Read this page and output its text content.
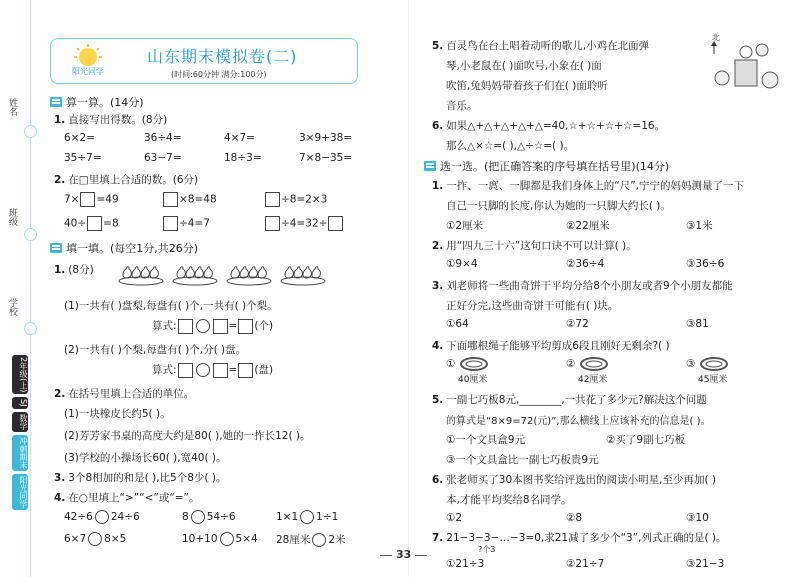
姓名
班级
学校
2年级(上)
SJ
数学
冲刺期末
阳光同学
阳光同学
山东期末模拟卷(二)
(时间:60分钟 满分:100分)
算一算。(14分)
1. 直接写出得数。(8分)
6×2=	36÷4=	4×7=	3×9+38=
35÷7=	63−7=	18÷3=	7×8−35=
2. 在□里填上合适的数。(6分)
7× =49	×8=48	÷8=2×3
40÷ =8	÷4=7	÷4=32÷
填一填。(每空1分,共26分)
1. (8分)
(1)一共有( )盘梨,每盘有( )个,一共有( )个梨。
算式:	= (个)
(2)一共有( )个梨,每盘有( )个,分( )盘。
算式:	= (盘)
2. 在括号里填上合适的单位。
(1)一块橡皮长约5( )。
(2)芳芳家书桌的高度大约是80( ),她的一拃长12( )。
(3)学校的小操场长60( ),宽40( )。
3. 3个8相加的和是( ),比5个8少( )。
4. 在○里填上“>”“<”或“=”。
42÷6 24÷6	8 54÷6	1×1 1÷1
6×7 8×5	10+10 5×4 28厘米 2米
5. 百灵鸟在台上唱着动听的歌儿,小鸡在北面弹
琴,小老鼠在( )面吹号,小象在( )面
吹笛,兔妈妈带着孩子们在( )面聆听
音乐。
北
6. 如果△+△+△+△+△=40,☆+☆+☆+☆=16。
那么△×☆=( ),△÷☆=( )。
选一选。(把正确答案的序号填在括号里)(14分)
1. 一拃、一庹、一脚都是我们身体上的“尺”,宁宁的妈妈测量了一下
自己一只脚的长度,你认为她的一只脚大约长( )。
①2厘米	②22厘米	③1米
2. 用“四九三十六”这句口诀不可以计算( )。
①9×4	②36÷4	③36÷6
3. 刘老师将一些曲奇饼干平均分给8个小朋友或者9个小朋友都能
正好分完,这些曲奇饼干可能有( )块。
①64	②72	③81
4. 下面哪根绳子能够平均剪成6段且刚好无剩余?( )
①
40厘米
②
42厘米
③
45厘米
5. 一副七巧板8元,________,一共花了多少元?解决这个问题
的算式是“8×9=72(元)”,那么横线上应该补充的信息是( )。
①一个文具盒9元	②买了9副七巧板
③一个文具盒比一副七巧板贵9元
6. 张老师买了30本图书奖给评选出的阅读小明星,至少再加( )
本,才能平均奖给8名同学。
①2	②8	③10
7. 21−3−3−…−3=0,求21减了多少个“3”,列式正确的是( )。
?个3
①21÷3	②21÷7	③21−3
33
